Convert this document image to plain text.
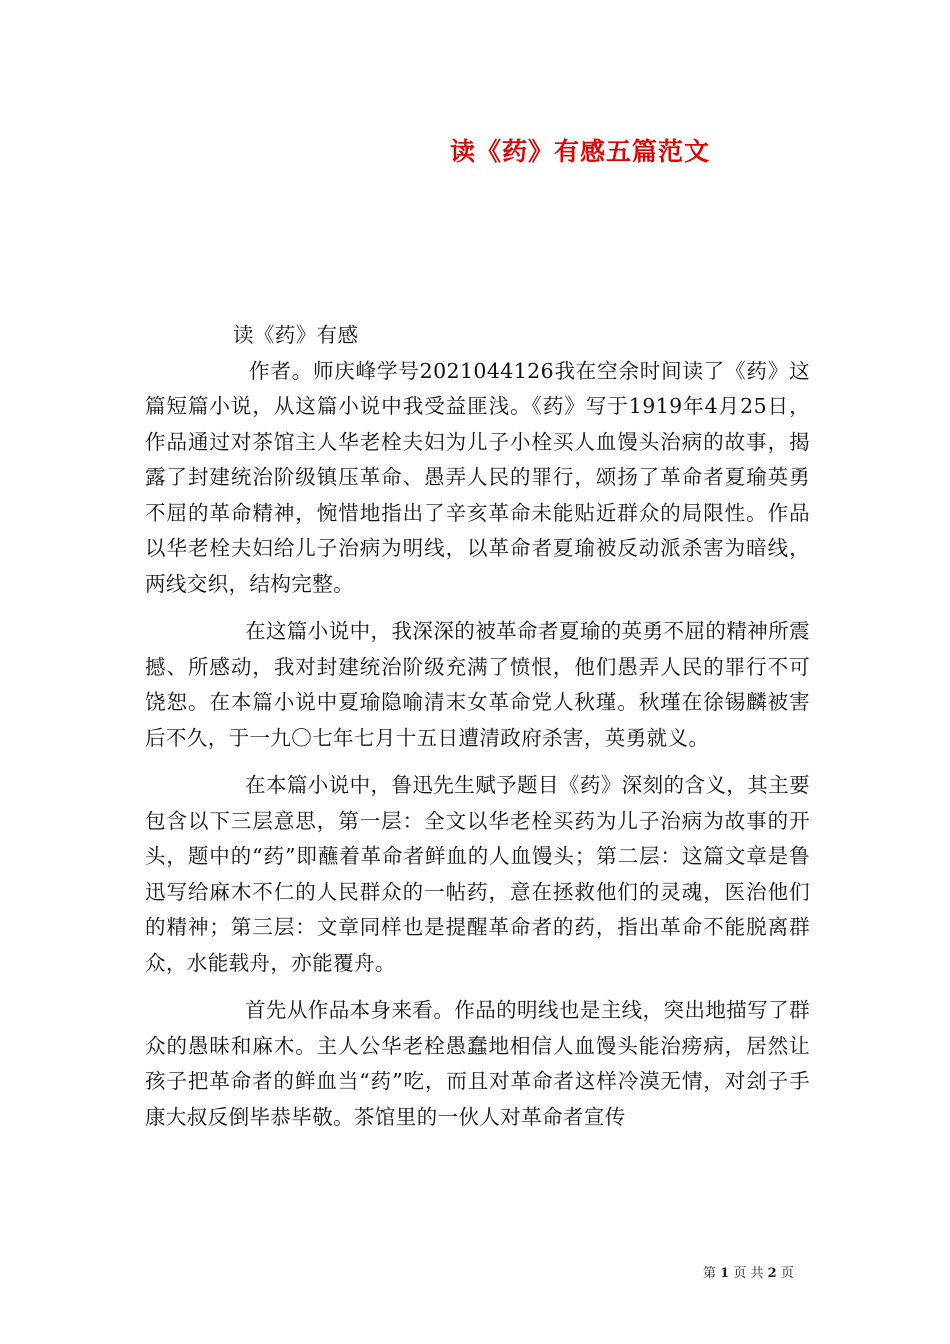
读《药》有感五篇范文

读《药》有感

作者。师庆峰学号2021044126我在空余时间读了《药》这篇短篇小说，从这篇小说中我受益匪浅。《药》写于1919年4月25日，作品通过对茶馆主人华老栓夫妇为儿子小栓买人血馒头治病的故事，揭露了封建统治阶级镇压革命、愚弄人民的罪行，颂扬了革命者夏瑜英勇不屈的革命精神，惋惜地指出了辛亥革命未能贴近群众的局限性。作品以华老栓夫妇给儿子治病为明线，以革命者夏瑜被反动派杀害为暗线，两线交织，结构完整。

在这篇小说中，我深深的被革命者夏瑜的英勇不屈的精神所震撼、所感动，我对封建统治阶级充满了愤恨，他们愚弄人民的罪行不可饶恕。在本篇小说中夏瑜隐喻清末女革命党人秋瑾。秋瑾在徐锡麟被害后不久，于一九〇七年七月十五日遭清政府杀害，英勇就义。

在本篇小说中，鲁迅先生赋予题目《药》深刻的含义，其主要包含以下三层意思，第一层：全文以华老栓买药为儿子治病为故事的开头，题中的“药”即蘸着革命者鲜血的人血馒头；第二层：这篇文章是鲁迅写给麻木不仁的人民群众的一帖药，意在拯救他们的灵魂，医治他们的精神；第三层：文章同样也是提醒革命者的药，指出革命不能脱离群众，水能载舟，亦能覆舟。

首先从作品本身来看。作品的明线也是主线，突出地描写了群众的愚昧和麻木。主人公华老栓愚蠢地相信人血馒头能治痨病，居然让孩子把革命者的鲜血当“药”吃，而且对革命者这样冷漠无情，对刽子手康大叔反倒毕恭毕敬。茶馆里的一伙人对革命者宣传

第 1 页 共 2 页
